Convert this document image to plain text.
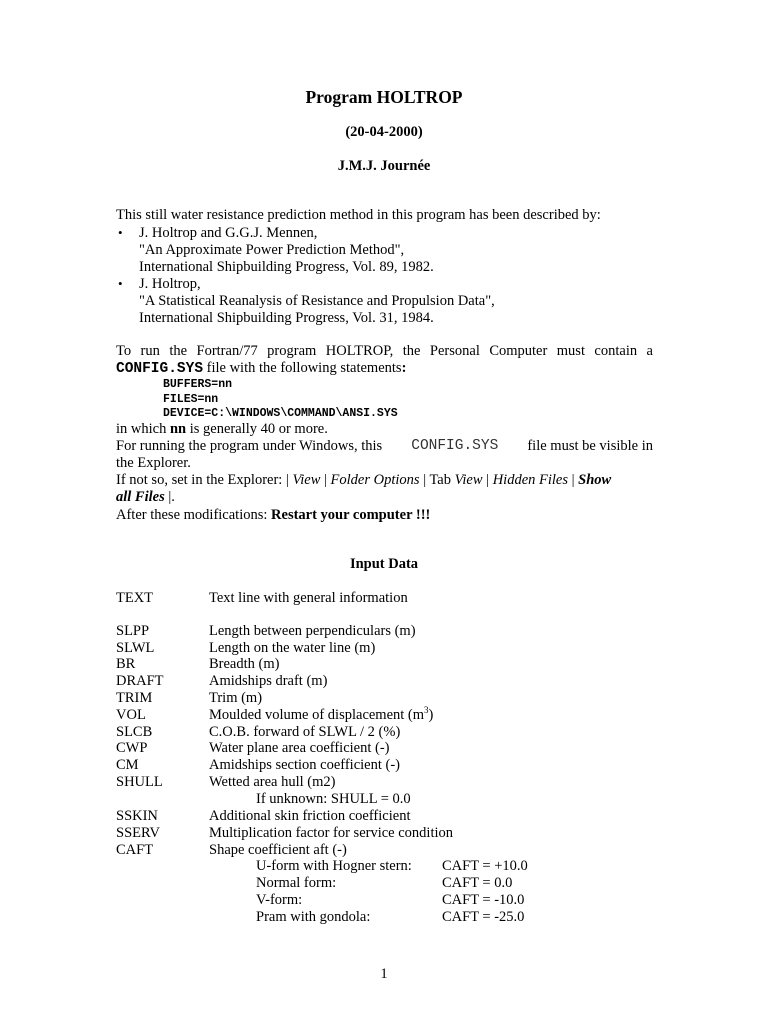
Program HOLTROP
(20-04-2000)
J.M.J. Journée
This still water resistance prediction method in this program has been described by:
• J. Holtrop and G.G.J. Mennen,
"An Approximate Power Prediction Method",
International Shipbuilding Progress, Vol. 89, 1982.
• J. Holtrop,
"A Statistical Reanalysis of Resistance and Propulsion Data",
International Shipbuilding Progress, Vol. 31, 1984.
To run the Fortran/77 program HOLTROP, the Personal Computer must contain a
CONFIG.SYS file with the following statements:
BUFFERS=nn
FILES=nn
DEVICE=C:\WINDOWS\COMMAND\ANSI.SYS
in which nn is generally 40 or more.
For running the program under Windows, this CONFIG.SYS file must be visible in
the Explorer.
If not so, set in the Explorer: | View | Folder Options | Tab View | Hidden Files | Show
all Files |.
After these modifications: Restart your computer !!!
Input Data
TEXT	Text line with general information
SLPP	Length between perpendiculars (m)
SLWL	Length on the water line (m)
BR	Breadth (m)
DRAFT	Amidships draft (m)
TRIM	Trim (m)
VOL	Moulded volume of displacement $(m^3)$
SLCB	C.O.B. forward of SLWL / 2 (%)
CWP	Water plane area coefficient (-)
CM	Amidships section coefficient (-)
SHULL	Wetted area hull (m2)
If unknown: SHULL = 0.0
SSKIN	Additional skin friction coefficient
SSERV	Multiplication factor for service condition
CAFT	Shape coefficient aft (-)
U-form with Hogner stern: CAFT = +10.0
Normal form:	CAFT = 0.0
V-form:	CAFT = -10.0
Pram with gondola:	CAFT = -25.0
1
